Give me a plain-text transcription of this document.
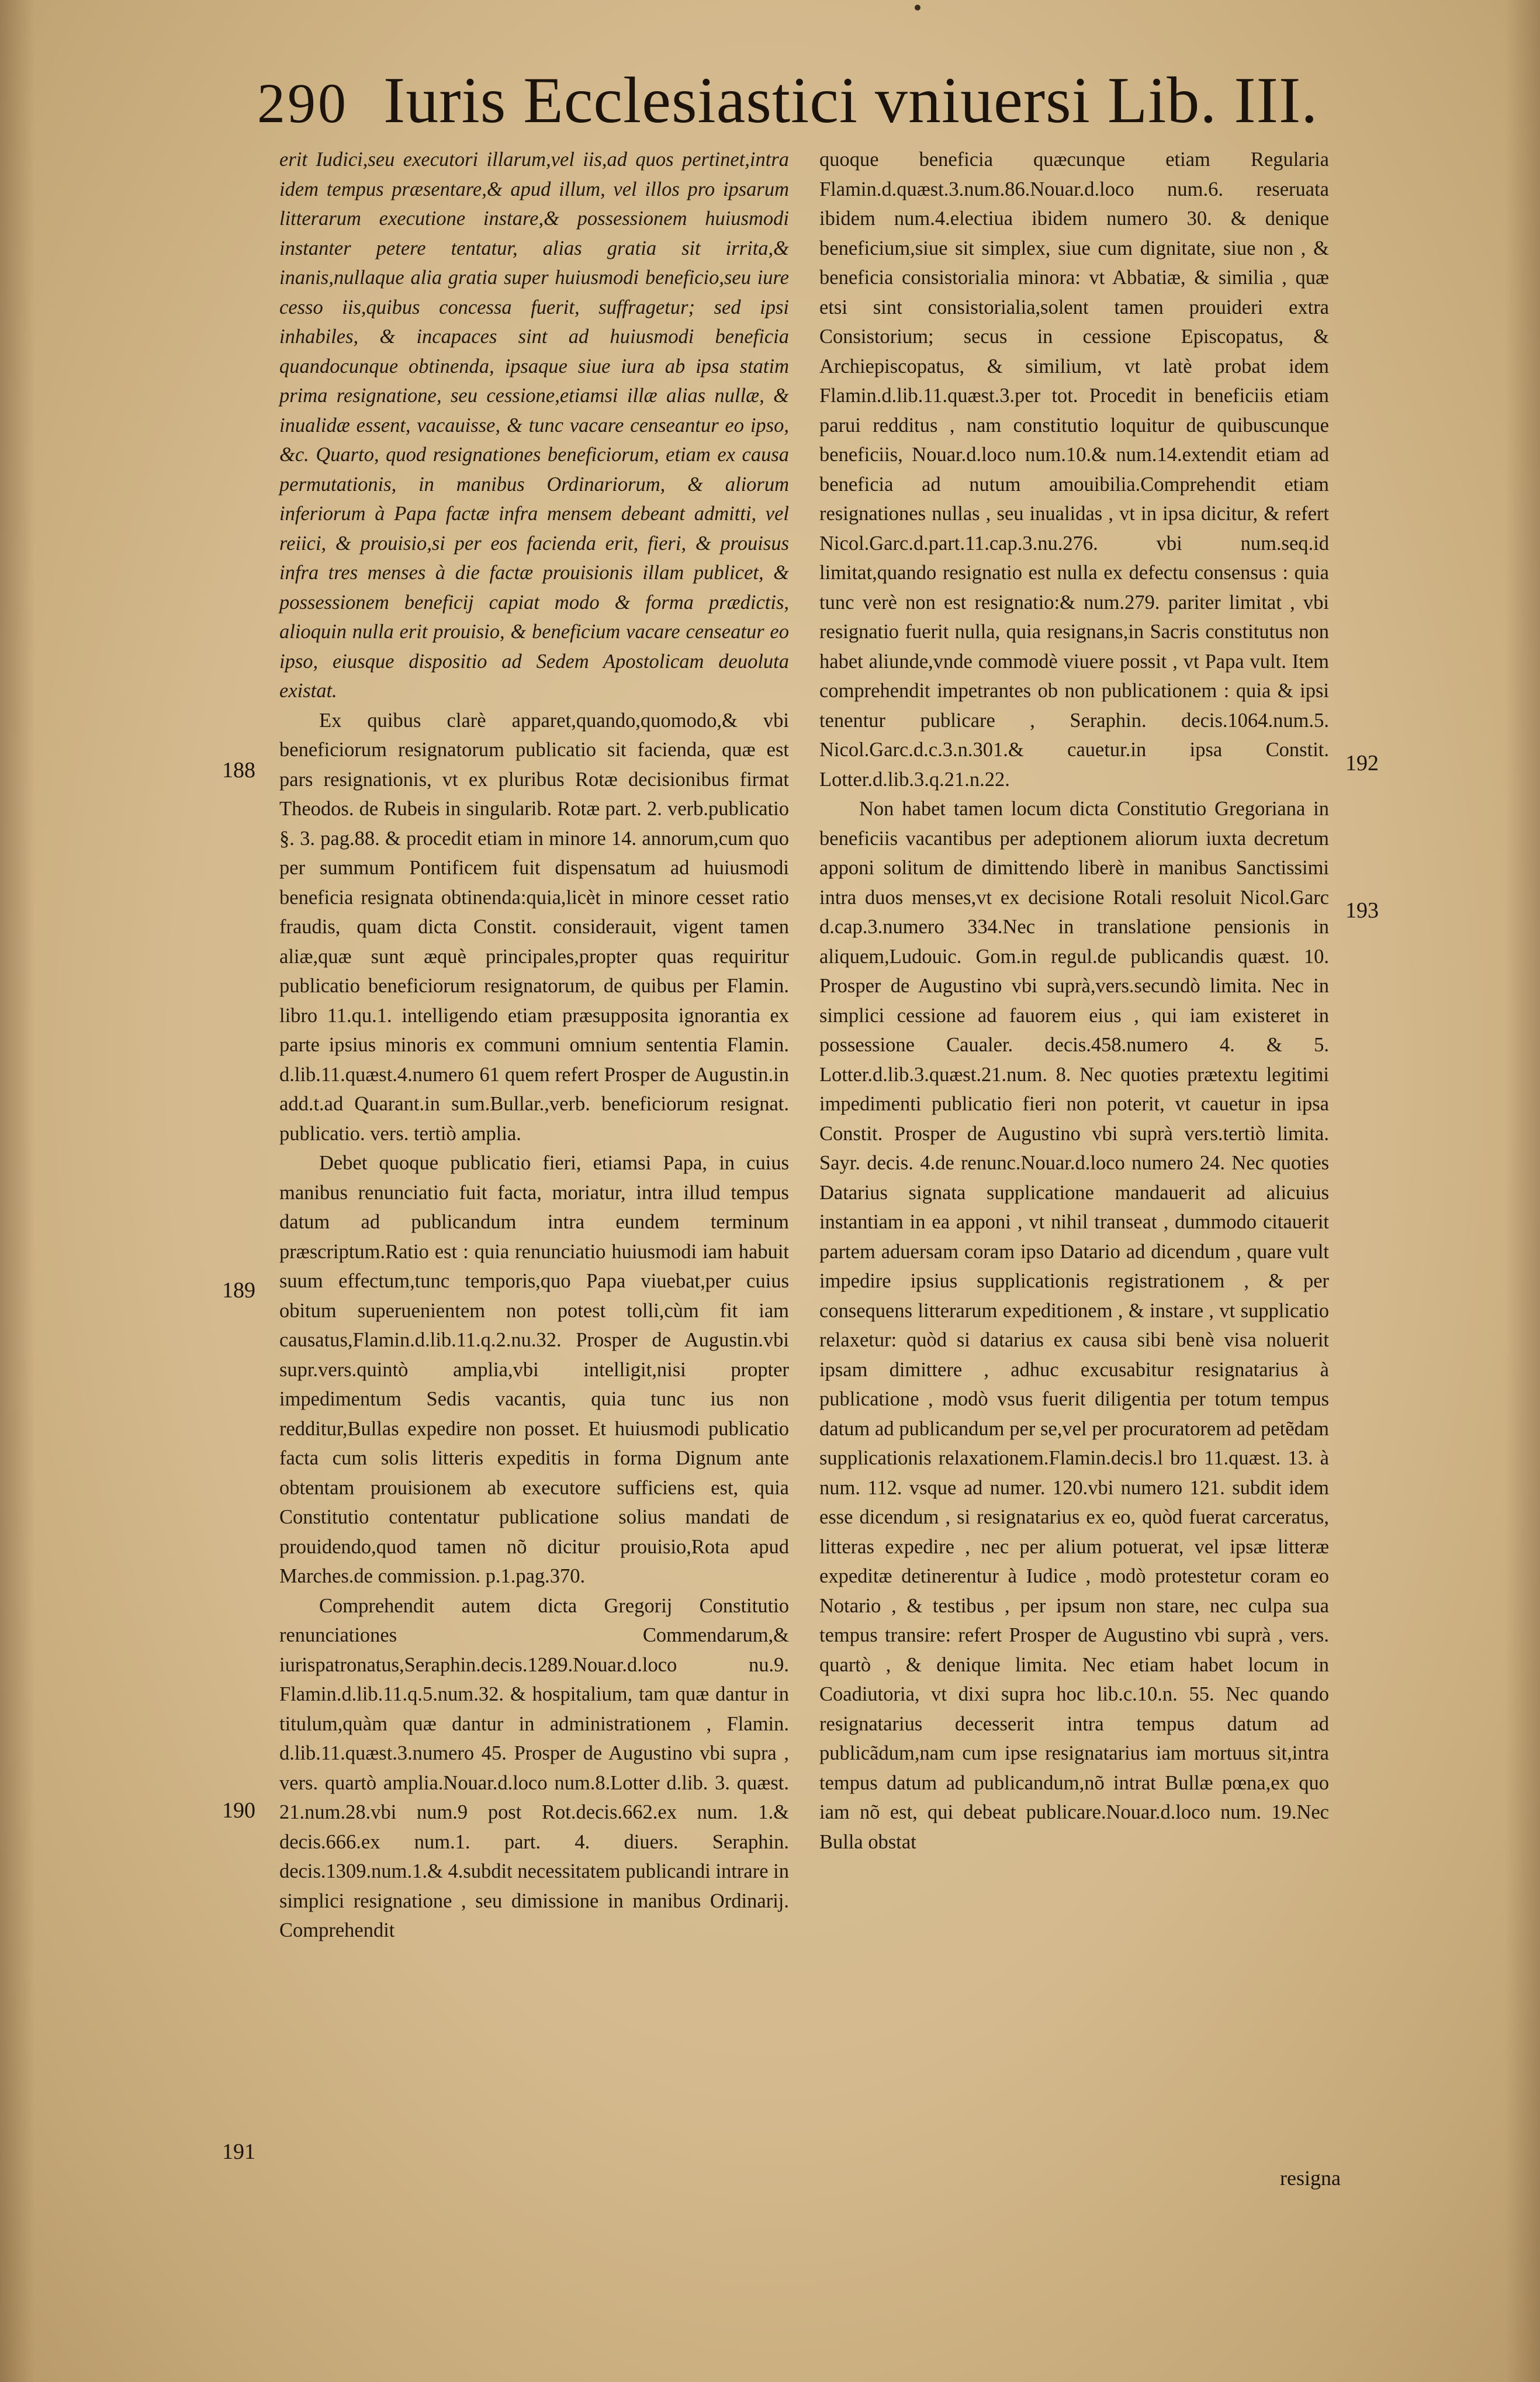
290 Iuris Ecclesiastici vniuersi Lib. III.

erit Iudici,seu executori illarum,vel iis,ad quos pertinet,intra idem tempus præsentare,& apud illum, vel illos pro ipsarum litterarum executione instare,& possessionem huiusmodi instanter petere tentatur, alias gratia sit irrita,& inanis,nullaque alia gratia super huiusmodi beneficio,seu iure cesso iis,quibus concessa fuerit, suffragetur; sed ipsi inhabiles, & incapaces sint ad huiusmodi beneficia quandocunque obtinenda, ipsaque siue iura ab ipsa statim prima resignatione, seu cessione,etiamsi illæ alias nullæ, & inualidæ essent, vacauisse, & tunc vacare censeantur eo ipso, &c. Quarto, quod resignationes beneficiorum, etiam ex causa permutationis, in manibus Ordinariorum, & aliorum inferiorum à Papa factæ infra mensem debeant admitti, vel reiici, & prouisio,si per eos facienda erit, fieri, & prouisus infra tres menses à die factæ prouisionis illam publicet, & possessionem beneficij capiat modo & forma prædictis, alioquin nulla erit prouisio, & beneficium vacare censeatur eo ipso, eiusque dispositio ad Sedem Apostolicam deuoluta existat.

Ex quibus clarè apparet,quando,quomodo,& vbi beneficiorum resignatorum publicatio sit facienda, quæ est pars resignationis, vt ex pluribus Rotæ decisionibus firmat Theodos. de Rubeis in singularib. Rotæ part. 2. verb.publicatio §. 3. pag.88. & procedit etiam in minore 14. annorum,cum quo per summum Pontificem fuit dispensatum ad huiusmodi beneficia resignata obtinenda:quia,licèt in minore cesset ratio fraudis, quam dicta Constit. considerauit, vigent tamen aliæ,quæ sunt æquè principales,propter quas requiritur publicatio beneficiorum resignatorum, de quibus per Flamin. libro 11.qu.1. intelligendo etiam præsupposita ignorantia ex parte ipsius minoris ex communi omnium sententia Flamin. d.lib.11.quæst.4.numero 61 quem refert Prosper de Augustin.in add.t.ad Quarant.in sum.Bullar.,verb. beneficiorum resignat. publicatio. vers. tertiò amplia.

Debet quoque publicatio fieri, etiamsi Papa, in cuius manibus renunciatio fuit facta, moriatur, intra illud tempus datum ad publicandum intra eundem terminum præscriptum.Ratio est : quia renunciatio huiusmodi iam habuit suum effectum,tunc temporis,quo Papa viuebat,per cuius obitum superuenientem non potest tolli,cùm fit iam causatus,Flamin.d.lib.11.q.2.nu.32. Prosper de Augustin.vbi supr.vers.quintò amplia,vbi intelligit,nisi propter impedimentum Sedis vacantis, quia tunc ius non redditur,Bullas expedire non posset. Et huiusmodi publicatio facta cum solis litteris expeditis in forma Dignum ante obtentam prouisionem ab executore sufficiens est, quia Constitutio contentatur publicatione solius mandati de prouidendo,quod tamen nõ dicitur prouisio,Rota apud Marches.de commission. p.1.pag.370.

Comprehendit autem dicta Gregorij Constitutio renunciationes Commendarum,& iurispatronatus,Seraphin.decis.1289.Nouar.d.loco nu.9. Flamin.d.lib.11.q.5.num.32. & hospitalium, tam quæ dantur in titulum,quàm quæ dantur in administrationem , Flamin. d.lib.11.quæst.3.numero 45. Prosper de Augustino vbi supra , vers. quartò amplia.Nouar.d.loco num.8.Lotter d.lib. 3. quæst. 21.num.28.vbi num.9 post Rot.decis.662.ex num. 1.& decis.666.ex num.1. part. 4. diuers. Seraphin. decis.1309.num.1.& 4.subdit necessitatem publicandi intrare in simplici resignatione , seu dimissione in manibus Ordinarij. Comprehendit

188
189
190
191

quoque beneficia quæcunque etiam Regularia Flamin.d.quæst.3.num.86.Nouar.d.loco num.6. reseruata ibidem num.4.electiua ibidem numero 30. & denique beneficium,siue sit simplex, siue cum dignitate, siue non , & beneficia consistorialia minora: vt Abbatiæ, & similia , quæ etsi sint consistorialia,solent tamen prouideri extra Consistorium; secus in cessione Episcopatus, & Archiepiscopatus, & similium, vt latè probat idem Flamin.d.lib.11.quæst.3.per tot. Procedit in beneficiis etiam parui redditus , nam constitutio loquitur de quibuscunque beneficiis, Nouar.d.loco num.10.& num.14.extendit etiam ad beneficia ad nutum amouibilia.Comprehendit etiam resignationes nullas , seu inualidas , vt in ipsa dicitur, & refert Nicol.Garc.d.part.11.cap.3.nu.276. vbi num.seq.id limitat,quando resignatio est nulla ex defectu consensus : quia tunc verè non est resignatio:& num.279. pariter limitat , vbi resignatio fuerit nulla, quia resignans,in Sacris constitutus non habet aliunde,vnde commodè viuere possit , vt Papa vult. Item comprehendit impetrantes ob non publicationem : quia & ipsi tenentur publicare , Seraphin. decis.1064.num.5. Nicol.Garc.d.c.3.n.301.& cauetur.in ipsa Constit. Lotter.d.lib.3.q.21.n.22.

Non habet tamen locum dicta Constitutio Gregoriana in beneficiis vacantibus per adeptionem aliorum iuxta decretum apponi solitum de dimittendo liberè in manibus Sanctissimi intra duos menses,vt ex decisione Rotali resoluit Nicol.Garc d.cap.3.numero 334.Nec in translatione pensionis in aliquem,Ludouic. Gom.in regul.de publicandis quæst. 10. Prosper de Augustino vbi suprà,vers.secundò limita. Nec in simplici cessione ad fauorem eius , qui iam existeret in possessione Caualer. decis.458.numero 4. & 5. Lotter.d.lib.3.quæst.21.num. 8. Nec quoties prætextu legitimi impedimenti publicatio fieri non poterit, vt cauetur in ipsa Constit. Prosper de Augustino vbi suprà vers.tertiò limita. Sayr. decis. 4.de renunc.Nouar.d.loco numero 24. Nec quoties Datarius signata supplicatione mandauerit ad alicuius instantiam in ea apponi , vt nihil transeat , dummodo citauerit partem aduersam coram ipso Datario ad dicendum , quare vult impedire ipsius supplicationis registrationem , & per consequens litterarum expeditionem , & instare , vt supplicatio relaxetur: quòd si datarius ex causa sibi benè visa noluerit ipsam dimittere , adhuc excusabitur resignatarius à publicatione , modò vsus fuerit diligentia per totum tempus datum ad publicandum per se,vel per procuratorem ad petẽdam supplicationis relaxationem.Flamin.decis.l bro 11.quæst. 13. à num. 112. vsque ad numer. 120.vbi numero 121. subdit idem esse dicendum , si resignatarius ex eo, quòd fuerat carceratus, litteras expedire , nec per alium potuerat, vel ipsæ litteræ expeditæ detinerentur à Iudice , modò protestetur coram eo Notario , & testibus , per ipsum non stare, nec culpa sua tempus transire: refert Prosper de Augustino vbi suprà , vers. quartò , & denique limita. Nec etiam habet locum in Coadiutoria, vt dixi supra hoc lib.c.10.n. 55. Nec quando resignatarius decesserit intra tempus datum ad publicãdum,nam cum ipse resignatarius iam mortuus sit,intra tempus datum ad publicandum,nõ intrat Bullæ pœna,ex quo iam nõ est, qui debeat publicare.Nouar.d.loco num. 19.Nec Bulla obstat

192
193
resigna
